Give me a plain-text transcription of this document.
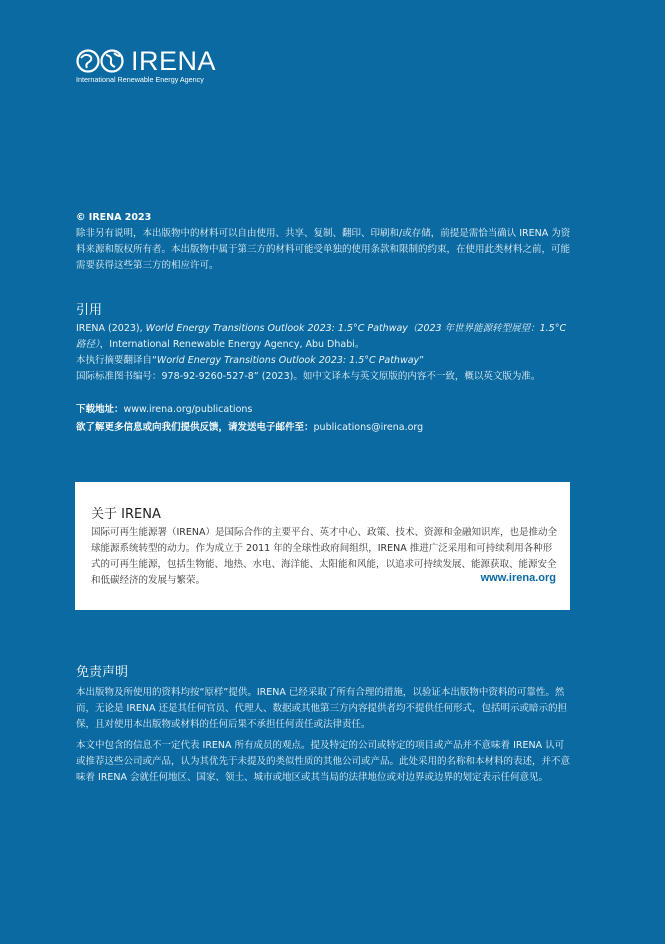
IRENA
International Renewable Energy Agency

© IRENA 2023

除非另有说明，本出版物中的材料可以自由使用、共享、复制、翻印、印刷和/或存储，前提是需恰当确认 IRENA 为资料来源和版权所有者。本出版物中属于第三方的材料可能受单独的使用条款和限制的约束，在使用此类材料之前，可能需要获得这些第三方的相应许可。

引用

IRENA (2023), World Energy Transitions Outlook 2023: 1.5°C Pathway（2023 年世界能源转型展望：1.5°C 路径），International Renewable Energy Agency, Abu Dhabi。

本执行摘要翻译自“World Energy Transitions Outlook 2023: 1.5°C Pathway”

国际标准图书编号：978-92-9260-527-8” (2023)。如中文译本与英文原版的内容不一致，概以英文版为准。

下载地址：www.irena.org/publications

欲了解更多信息或向我们提供反馈，请发送电子邮件至：publications@irena.org

关于 IRENA
国际可再生能源署（IRENA）是国际合作的主要平台、英才中心、政策、技术、资源和金融知识库，也是推动全球能源系统转型的动力。作为成立于 2011 年的全球性政府间组织，IRENA 推进广泛采用和可持续利用各种形式的可再生能源，包括生物能、地热、水电、海洋能、太阳能和风能，以追求可持续发展、能源获取、能源安全和低碳经济的发展与繁荣。	www.irena.org

免责声明

本出版物及所使用的资料均按“原样”提供。IRENA 已经采取了所有合理的措施，以验证本出版物中资料的可靠性。然而，无论是 IRENA 还是其任何官员、代理人、数据或其他第三方内容提供者均不提供任何形式，包括明示或暗示的担保，且对使用本出版物或材料的任何后果不承担任何责任或法律责任。

本文中包含的信息不一定代表 IRENA 所有成员的观点。提及特定的公司或特定的项目或产品并不意味着 IRENA 认可或推荐这些公司或产品，认为其优先于未提及的类似性质的其他公司或产品。此处采用的名称和本材料的表述，并不意味着 IRENA 会就任何地区、国家、领土、城市或地区或其当局的法律地位或对边界或边界的划定表示任何意见。
